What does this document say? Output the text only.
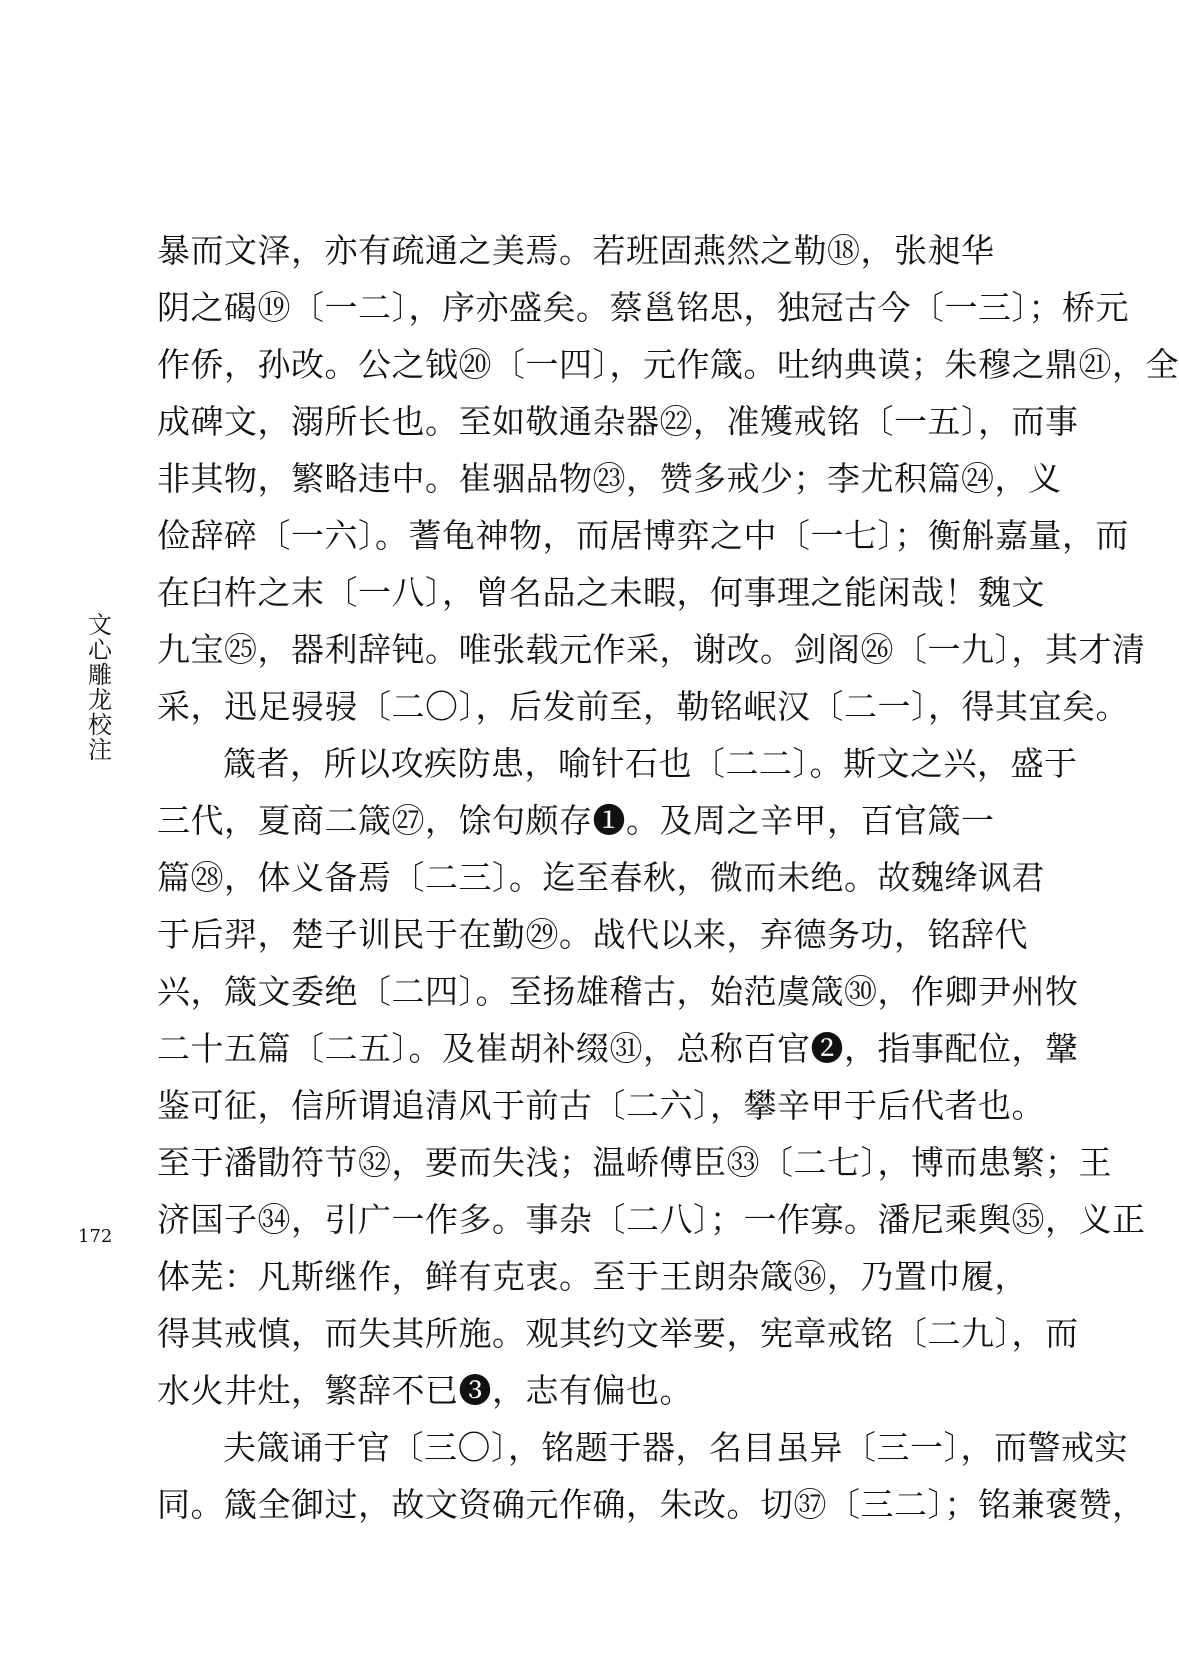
文心雕龙校注
172
暴而文泽，亦有疏通之美焉。若班固燕然之勒⑱，张昶华
阴之碣⑲〔一二〕，序亦盛矣。蔡邕铭思，独冠古今〔一三〕；桥元
作侨，孙改。公之钺⑳〔一四〕，元作箴。吐纳典谟；朱穆之鼎㉑，全
成碑文，溺所长也。至如敬通杂器㉒，准矱戒铭〔一五〕，而事
非其物，繁略违中。崔骃品物㉓，赞多戒少；李尤积篇㉔，义
俭辞碎〔一六〕。蓍龟神物，而居博弈之中〔一七〕；衡斛嘉量，而
在臼杵之末〔一八〕，曾名品之未暇，何事理之能闲哉！魏文
九宝㉕，器利辞钝。唯张载元作采，谢改。剑阁㉖〔一九〕，其才清
采，迅足骎骎〔二〇〕，后发前至，勒铭岷汉〔二一〕，得其宜矣。
箴者，所以攻疾防患，喻针石也〔二二〕。斯文之兴，盛于
三代，夏商二箴㉗，馀句颇存❶。及周之辛甲，百官箴一
篇㉘，体义备焉〔二三〕。迄至春秋，微而未绝。故魏绛讽君
于后羿，楚子训民于在勤㉙。战代以来，弃德务功，铭辞代
兴，箴文委绝〔二四〕。至扬雄稽古，始范虞箴㉚，作卿尹州牧
二十五篇〔二五〕。及崔胡补缀㉛，总称百官❷，指事配位，鞶
鉴可征，信所谓追清风于前古〔二六〕，攀辛甲于后代者也。
至于潘勖符节㉜，要而失浅；温峤傅臣㉝〔二七〕，博而患繁；王
济国子㉞，引广一作多。事杂〔二八〕；一作寡。潘尼乘舆㉟，义正
体芜：凡斯继作，鲜有克衷。至于王朗杂箴㊱，乃置巾履，
得其戒慎，而失其所施。观其约文举要，宪章戒铭〔二九〕，而
水火井灶，繁辞不已❸，志有偏也。
夫箴诵于官〔三〇〕，铭题于器，名目虽异〔三一〕，而警戒实
同。箴全御过，故文资确元作确，朱改。切㊲〔三二〕；铭兼褒赞，
